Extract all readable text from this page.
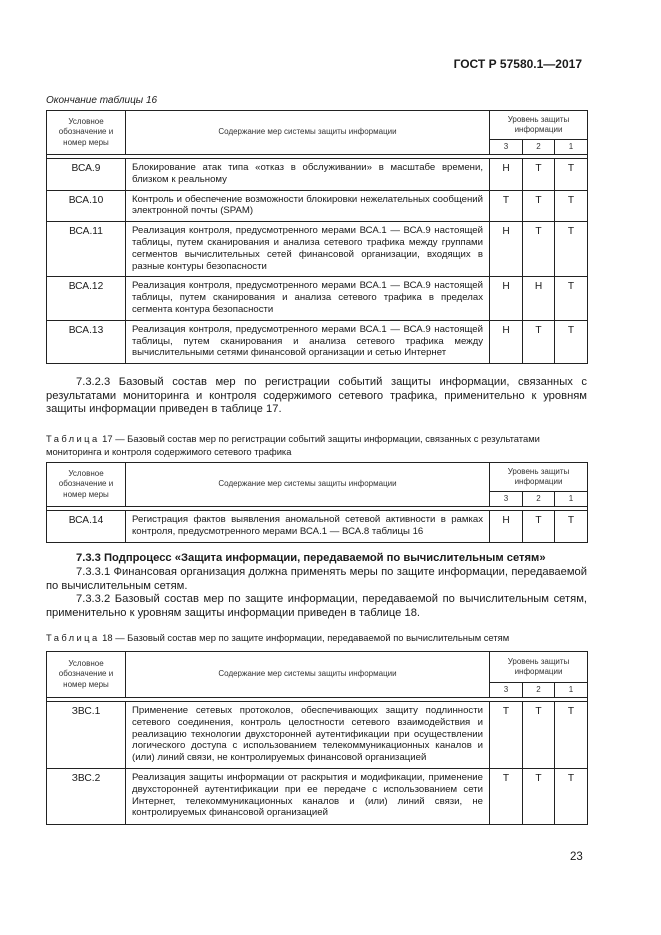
ГОСТ Р 57580.1—2017
Окончание таблицы 16
Условное обозначение и номер меры	Содержание мер системы защиты информации	Уровень защиты информации		
		3	2	1

ВСА.9	Блокирование атак типа «отказ в обслуживании» в масштабе времени, близком к реальному	Н	Т	Т
ВСА.10	Контроль и обеспечение возможности блокировки нежелательных сообщений электронной почты (SPAM)	Т	Т	Т
ВСА.11	Реализация контроля, предусмотренного мерами ВСА.1 — ВСА.9 настоящей таблицы, путем сканирования и анализа сетевого трафика между группами сегментов вычислительных сетей финансовой организации, входящих в разные контуры безопасности	Н	Т	Т
ВСА.12	Реализация контроля, предусмотренного мерами ВСА.1 — ВСА.9 настоящей таблицы, путем сканирования и анализа сетевого трафика в пределах сегмента контура безопасности	Н	Н	Т
ВСА.13	Реализация контроля, предусмотренного мерами ВСА.1 — ВСА.9 настоящей таблицы, путем сканирования и анализа сетевого трафика между вычислительными сетями финансовой организации и сетью Интернет	Н	Т	Т
7.3.2.3 Базовый состав мер по регистрации событий защиты информации, связанных с результатами мониторинга и контроля содержимого сетевого трафика, применительно к уровням защиты информации приведен в таблице 17.
Таблица 17 — Базовый состав мер по регистрации событий защиты информации, связанных с результатами мониторинга и контроля содержимого сетевого трафика
Условное обозначение и номер меры	Содержание мер системы защиты информации	Уровень защиты информации		
		3	2	1

ВСА.14	Регистрация фактов выявления аномальной сетевой активности в рамках контроля, предусмотренного мерами ВСА.1 — ВСА.8 таблицы 16	Н	Т	Т
7.3.3 Подпроцесс «Защита информации, передаваемой по вычислительным сетям»
7.3.3.1 Финансовая организация должна применять меры по защите информации, передаваемой по вычислительным сетям.
7.3.3.2 Базовый состав мер по защите информации, передаваемой по вычислительным сетям, применительно к уровням защиты информации приведен в таблице 18.
Таблица 18 — Базовый состав мер по защите информации, передаваемой по вычислительным сетям
Условное обозначение и номер меры	Содержание мер системы защиты информации	Уровень защиты информации		
		3	2	1

ЗВС.1	Применение сетевых протоколов, обеспечивающих защиту подлинности сетевого соединения, контроль целостности сетевого взаимодействия и реализацию технологии двухсторонней аутентификации при осуществлении логического доступа с использованием телекоммуникационных каналов и (или) линий связи, не контролируемых финансовой организацией	Т	Т	Т
ЗВС.2	Реализация защиты информации от раскрытия и модификации, применение двухсторонней аутентификации при ее передаче с использованием сети Интернет, телекоммуникационных каналов и (или) линий связи, не контролируемых финансовой организацией	Т	Т	Т
23
